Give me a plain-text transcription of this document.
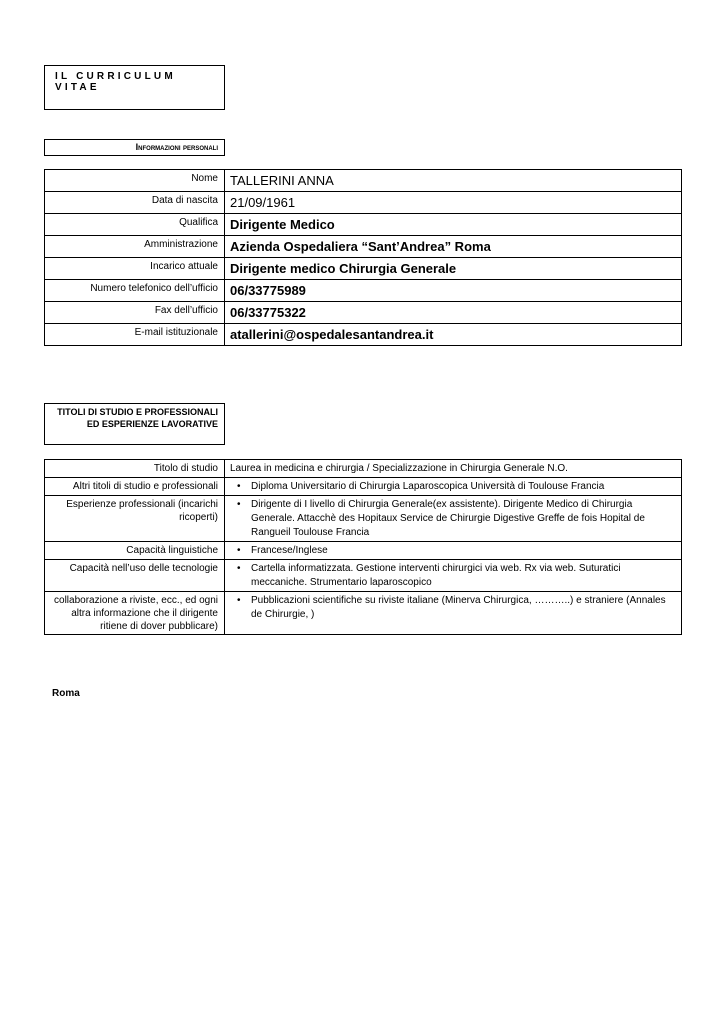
IL CURRICULUM VITAE
Informazioni personali
Nome	TALLERINI ANNA
Data di nascita	21/09/1961
Qualifica	Dirigente Medico
Amministrazione	Azienda Ospedaliera “Sant’Andrea” Roma
Incarico attuale	Dirigente medico Chirurgia Generale
Numero telefonico dell’ufficio	06/33775989
Fax dell’ufficio	06/33775322
E-mail istituzionale	atallerini@ospedalesantandrea.it
TITOLI DI STUDIO E PROFESSIONALI ED ESPERIENZE LAVORATIVE
Titolo di studio	Laurea in medicina e chirurgia / Specializzazione in Chirurgia Generale N.O.
Altri titoli di studio e professionali	• Diploma Universitario di Chirurgia Laparoscopica Università di Toulouse Francia
Esperienze professionali (incarichi ricoperti)	• Dirigente di I livello di Chirurgia Generale(ex assistente). Dirigente Medico di Chirurgia Generale. Attacchè des Hopitaux Service de Chirurgie Digestive Greffe de fois Hopital de Rangueil Toulouse Francia
Capacità linguistiche	• Francese/Inglese
Capacità nell’uso delle tecnologie	• Cartella informatizzata. Gestione interventi chirurgici via web. Rx via web. Suturatici meccaniche. Strumentario laparoscopico
collaborazione a riviste, ecc., ed ogni altra informazione che il dirigente ritiene di dover pubblicare)	• Pubblicazioni scientifiche su riviste italiane (Minerva Chirurgica, ………..) e straniere (Annales de Chirurgie, )
Roma
